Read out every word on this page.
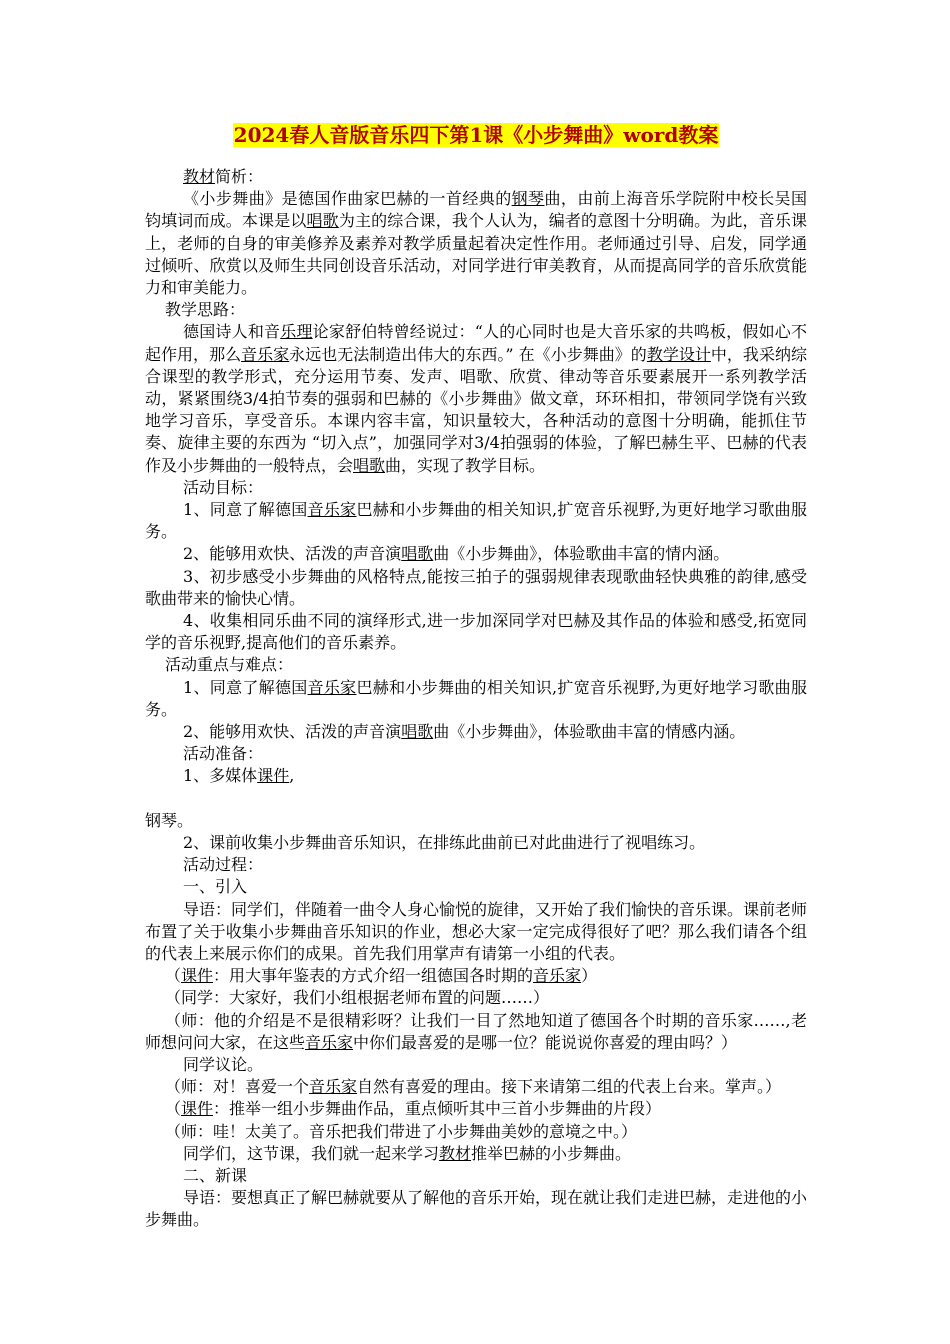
2024春人音版音乐四下第1课《小步舞曲》word教案

教材简析：

《小步舞曲》是德国作曲家巴赫的一首经典的钢琴曲，由前上海音乐学院附中校长吴国钧填词而成。本课是以唱歌为主的综合课，我个人认为，编者的意图十分明确。为此，音乐课上，老师的自身的审美修养及素养对教学质量起着决定性作用。老师通过引导、启发，同学通过倾听、欣赏以及师生共同创设音乐活动，对同学进行审美教育，从而提高同学的音乐欣赏能力和审美能力。

教学思路：

德国诗人和音乐理论家舒伯特曾经说过：“人的心同时也是大音乐家的共鸣板，假如心不起作用，那么音乐家永远也无法制造出伟大的东西。” 在《小步舞曲》的教学设计中，我采纳综合课型的教学形式，充分运用节奏、发声、唱歌、欣赏、律动等音乐要素展开一系列教学活动，紧紧围绕3/4拍节奏的强弱和巴赫的《小步舞曲》做文章，环环相扣，带领同学饶有兴致地学习音乐，享受音乐。本课内容丰富，知识量较大，各种活动的意图十分明确，能抓住节奏、旋律主要的东西为 “切入点”，加强同学对3/4拍强弱的体验，了解巴赫生平、巴赫的代表作及小步舞曲的一般特点，会唱歌曲，实现了教学目标。

活动目标：

1、同意了解德国音乐家巴赫和小步舞曲的相关知识,扩宽音乐视野,为更好地学习歌曲服务。

2、能够用欢快、活泼的声音演唱歌曲《小步舞曲》，体验歌曲丰富的情内涵。

3、初步感受小步舞曲的风格特点,能按三拍子的强弱规律表现歌曲轻快典雅的韵律,感受歌曲带来的愉快心情。

4、收集相同乐曲不同的演绎形式,进一步加深同学对巴赫及其作品的体验和感受,拓宽同学的音乐视野,提高他们的音乐素养。

活动重点与难点：

1、同意了解德国音乐家巴赫和小步舞曲的相关知识,扩宽音乐视野,为更好地学习歌曲服务。

2、能够用欢快、活泼的声音演唱歌曲《小步舞曲》，体验歌曲丰富的情感内涵。

活动准备：

1、多媒体课件,

钢琴。

2、课前收集小步舞曲音乐知识，在排练此曲前已对此曲进行了视唱练习。

活动过程：

一、引入

导语：同学们，伴随着一曲令人身心愉悦的旋律，又开始了我们愉快的音乐课。课前老师布置了关于收集小步舞曲音乐知识的作业，想必大家一定完成得很好了吧？那么我们请各个组的代表上来展示你们的成果。首先我们用掌声有请第一小组的代表。

（课件：用大事年鉴表的方式介绍一组德国各时期的音乐家）

（同学：大家好，我们小组根据老师布置的问题……）

（师：他的介绍是不是很精彩呀？让我们一目了然地知道了德国各个时期的音乐家……,老师想问问大家，在这些音乐家中你们最喜爱的是哪一位？能说说你喜爱的理由吗？）

同学议论。

（师：对！喜爱一个音乐家自然有喜爱的理由。接下来请第二组的代表上台来。掌声。）

（课件：推举一组小步舞曲作品，重点倾听其中三首小步舞曲的片段）

（师：哇！太美了。音乐把我们带进了小步舞曲美妙的意境之中。）

同学们，这节课，我们就一起来学习教材推举巴赫的小步舞曲。

二、新课

导语：要想真正了解巴赫就要从了解他的音乐开始，现在就让我们走进巴赫，走进他的小步舞曲。
